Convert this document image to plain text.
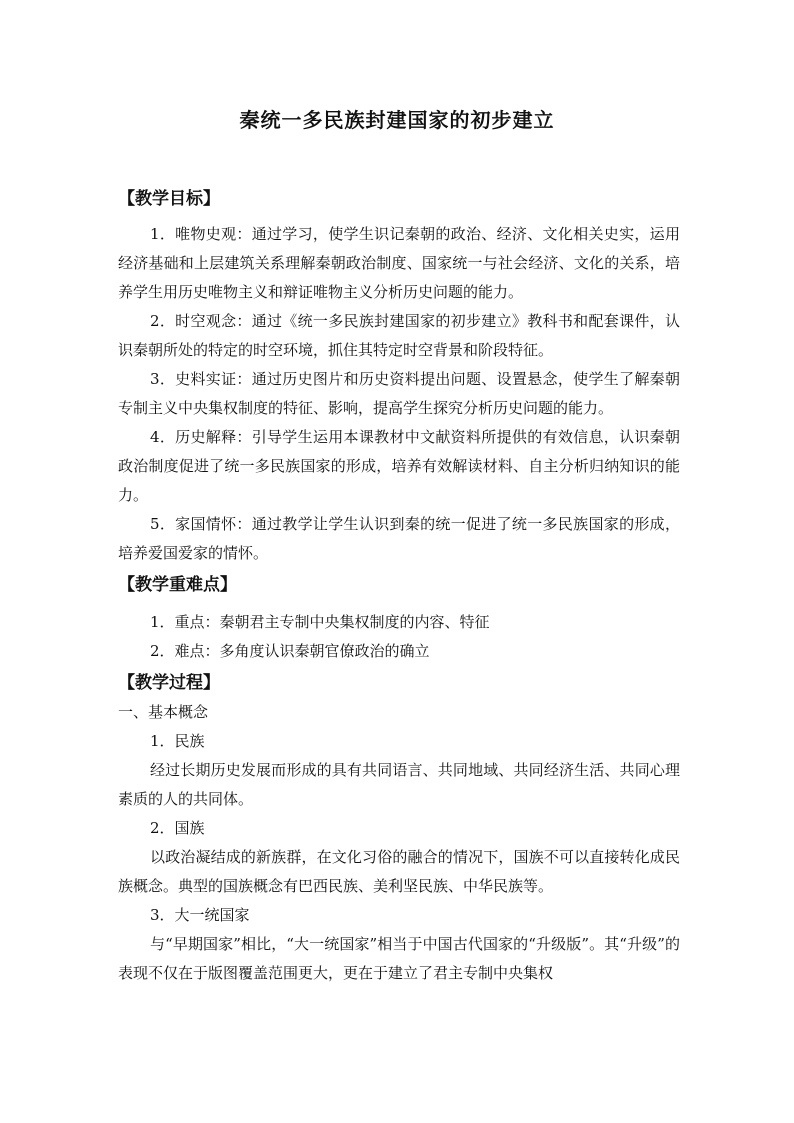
秦统一多民族封建国家的初步建立
【教学目标】

1．唯物史观：通过学习，使学生识记秦朝的政治、经济、文化相关史实，运用经济基础和上层建筑关系理解秦朝政治制度、国家统一与社会经济、文化的关系，培养学生用历史唯物主义和辩证唯物主义分析历史问题的能力。

2．时空观念：通过《统一多民族封建国家的初步建立》教科书和配套课件，认识秦朝所处的特定的时空环境，抓住其特定时空背景和阶段特征。

3．史料实证：通过历史图片和历史资料提出问题、设置悬念，使学生了解秦朝专制主义中央集权制度的特征、影响，提高学生探究分析历史问题的能力。

4．历史解释：引导学生运用本课教材中文献资料所提供的有效信息，认识秦朝政治制度促进了统一多民族国家的形成，培养有效解读材料、自主分析归纳知识的能力。

5．家国情怀：通过教学让学生认识到秦的统一促进了统一多民族国家的形成，培养爱国爱家的情怀。

【教学重难点】

1．重点：秦朝君主专制中央集权制度的内容、特征

2．难点：多角度认识秦朝官僚政治的确立

【教学过程】

一、基本概念

1．民族

经过长期历史发展而形成的具有共同语言、共同地域、共同经济生活、共同心理素质的人的共同体。

2．国族

以政治凝结成的新族群，在文化习俗的融合的情况下，国族不可以直接转化成民族概念。典型的国族概念有巴西民族、美利坚民族、中华民族等。

3．大一统国家

与“早期国家”相比，“大一统国家”相当于中国古代国家的“升级版”。其“升级”的表现不仅在于版图覆盖范围更大，更在于建立了君主专制中央集权
